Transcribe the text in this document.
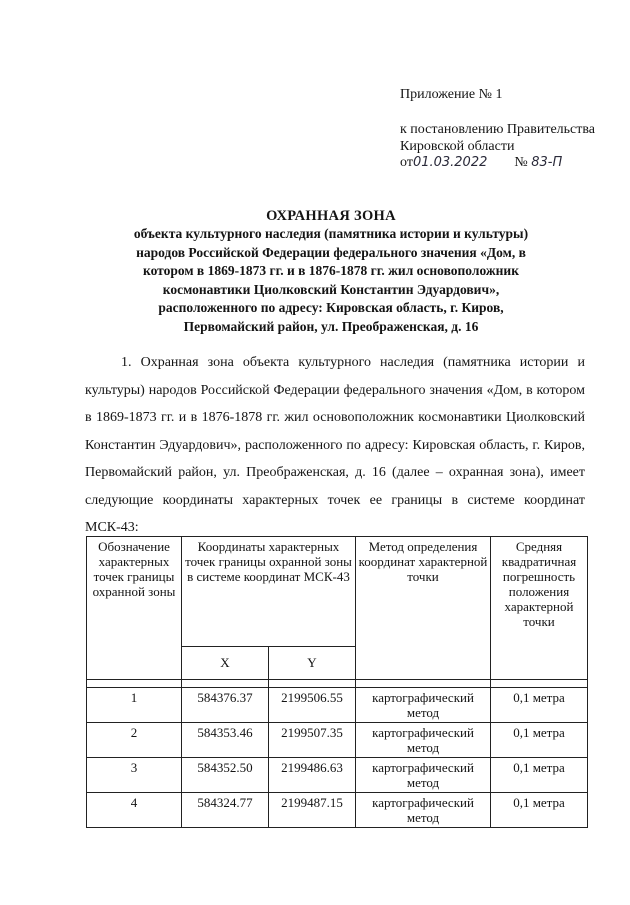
Приложение № 1
к постановлению Правительства
Кировской области
от01.03.2022 № 83-П
ОХРАННАЯ ЗОНА
объекта культурного наследия (памятника истории и культуры)
народов Российской Федерации федерального значения «Дом, в
котором в 1869-1873 гг. и в 1876-1878 гг. жил основоположник
космонавтики Циолковский Константин Эдуардович»,
расположенного по адресу: Кировская область, г. Киров,
Первомайский район, ул. Преображенская, д. 16
1. Охранная зона объекта культурного наследия (памятника истории и культуры) народов Российской Федерации федерального значения «Дом, в котором в 1869-1873 гг. и в 1876-1878 гг. жил основоположник космонавтики Циолковский Константин Эдуардович», расположенного по адресу: Кировская область, г. Киров, Первомайский район, ул. Преображенская, д. 16 (далее – охранная зона), имеет следующие координаты характерных точек ее границы в системе координат МСК-43:
Обозначение характерных точек границы охранной зоны	Координаты характерных точек границы охранной зоны в системе координат МСК-43		Метод определения координат характерной точки	Средняя квадратичная погрешность положения характерной точки
	X	Y		

1	584376.37	2199506.55	картографический метод	0,1 метра
2	584353.46	2199507.35	картографический метод	0,1 метра
3	584352.50	2199486.63	картографический метод	0,1 метра
4	584324.77	2199487.15	картографический метод	0,1 метра
